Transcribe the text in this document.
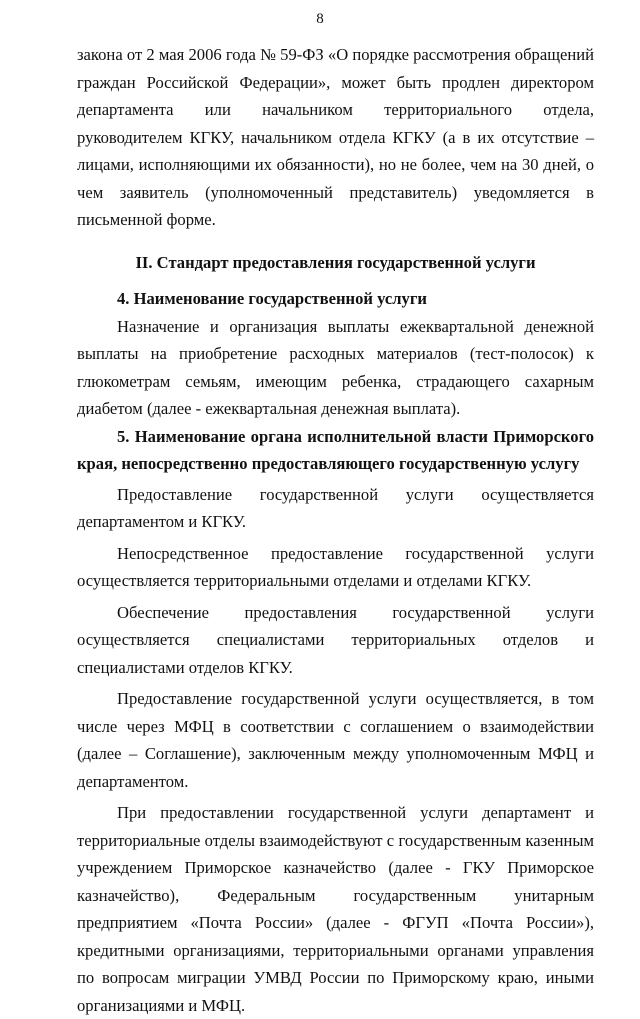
8

закона от 2 мая 2006 года № 59-ФЗ «О порядке рассмотрения обращений граждан Российской Федерации», может быть продлен директором департамента или начальником территориального отдела, руководителем КГКУ, начальником отдела КГКУ (а в их отсутствие – лицами, исполняющими их обязанности), но не более, чем на 30 дней, о чем заявитель (уполномоченный представитель) уведомляется в письменной форме.

II. Стандарт предоставления государственной услуги

4. Наименование государственной услуги

Назначение и организация выплаты ежеквартальной денежной выплаты на приобретение расходных материалов (тест-полосок) к глюкометрам семьям, имеющим ребенка, страдающего сахарным диабетом (далее - ежеквартальная денежная выплата).

5. Наименование органа исполнительной власти Приморского края, непосредственно предоставляющего государственную услугу

Предоставление государственной услуги осуществляется департаментом и КГКУ.

Непосредственное предоставление государственной услуги осуществляется территориальными отделами и отделами КГКУ.

Обеспечение предоставления государственной услуги осуществляется специалистами территориальных отделов и специалистами отделов КГКУ.

Предоставление государственной услуги осуществляется, в том числе через МФЦ в соответствии с соглашением о взаимодействии (далее – Соглашение), заключенным между уполномоченным МФЦ и департаментом.

При предоставлении государственной услуги департамент и территориальные отделы взаимодействуют с государственным казенным учреждением Приморское казначейство (далее - ГКУ Приморское казначейство), Федеральным государственным унитарным предприятием «Почта России» (далее - ФГУП «Почта России»), кредитными организациями, территориальными органами управления по вопросам миграции УМВД России по Приморскому краю, иными организациями и МФЦ.
